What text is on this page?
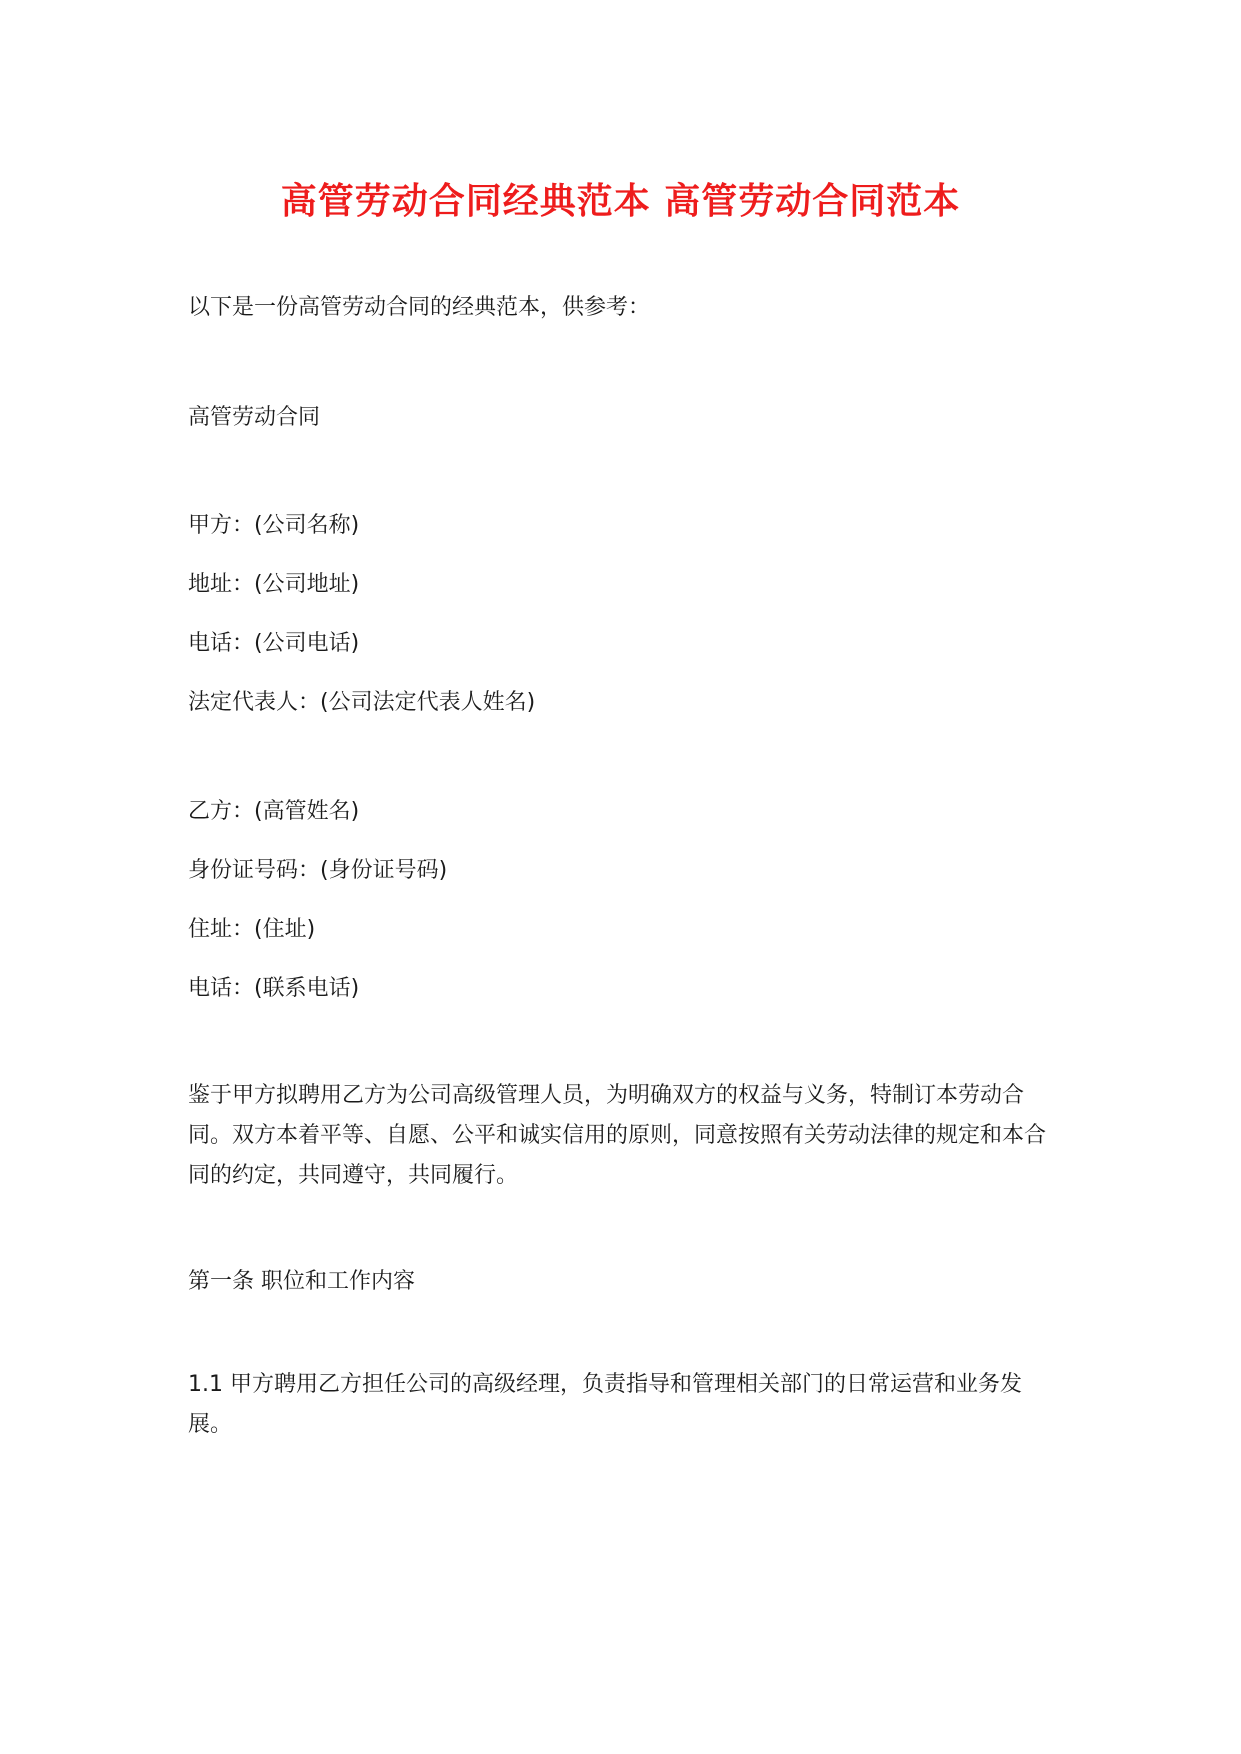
高管劳动合同经典范本 高管劳动合同范本

以下是一份高管劳动合同的经典范本，供参考：

高管劳动合同

甲方：(公司名称)

地址：(公司地址)

电话：(公司电话)

法定代表人：(公司法定代表人姓名)

乙方：(高管姓名)

身份证号码：(身份证号码)

住址：(住址)

电话：(联系电话)

鉴于甲方拟聘用乙方为公司高级管理人员，为明确双方的权益与义务，特制订本劳动合同。双方本着平等、自愿、公平和诚实信用的原则，同意按照有关劳动法律的规定和本合同的约定，共同遵守，共同履行。

第一条 职位和工作内容

1.1 甲方聘用乙方担任公司的高级经理，负责指导和管理相关部门的日常运营和业务发展。
